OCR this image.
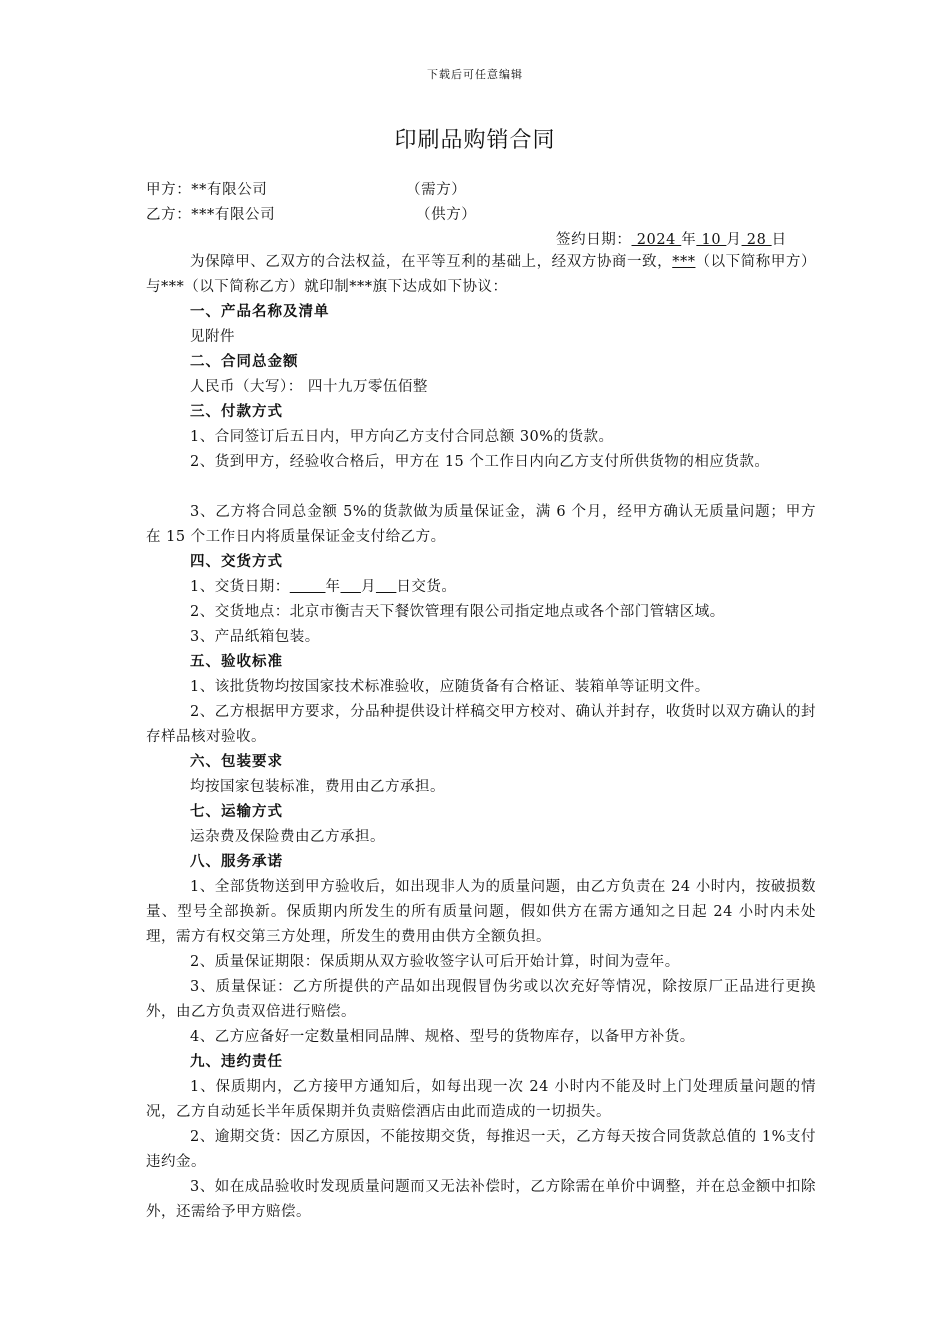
下载后可任意编辑
印刷品购销合同
甲方：**有限公司	（需方）
乙方：***有限公司	（供方）
签约日期： 2024 年 10 月 28 日
为保障甲、乙双方的合法权益，在平等互利的基础上，经双方协商一致，***（以下简称甲方）与***（以下简称乙方）就印制***旗下达成如下协议：
一、产品名称及清单
见附件
二、合同总金额
人民币（大写）： 四十九万零伍佰整
三、付款方式
1、合同签订后五日内，甲方向乙方支付合同总额 30%的货款。
2、货到甲方，经验收合格后，甲方在 15 个工作日内向乙方支付所供货物的相应货款。
3、乙方将合同总金额 5%的货款做为质量保证金，满 6 个月，经甲方确认无质量问题；甲方在 15 个工作日内将质量保证金支付给乙方。
四、交货方式
1、交货日期： 年 月 日交货。
2、交货地点：北京市衡吉天下餐饮管理有限公司指定地点或各个部门管辖区域。
3、产品纸箱包装。
五、验收标准
1、该批货物均按国家技术标准验收，应随货备有合格证、装箱单等证明文件。
2、乙方根据甲方要求，分品种提供设计样稿交甲方校对、确认并封存，收货时以双方确认的封存样品核对验收。
六、包装要求
均按国家包装标准，费用由乙方承担。
七、运输方式
运杂费及保险费由乙方承担。
八、服务承诺
1、全部货物送到甲方验收后，如出现非人为的质量问题，由乙方负责在 24 小时内，按破损数量、型号全部换新。保质期内所发生的所有质量问题，假如供方在需方通知之日起 24 小时内未处理，需方有权交第三方处理，所发生的费用由供方全额负担。
2、质量保证期限：保质期从双方验收签字认可后开始计算，时间为壹年。
3、质量保证：乙方所提供的产品如出现假冒伪劣或以次充好等情况，除按原厂正品进行更换外，由乙方负责双倍进行赔偿。
4、乙方应备好一定数量相同品牌、规格、型号的货物库存，以备甲方补货。
九、违约责任
1、保质期内，乙方接甲方通知后，如每出现一次 24 小时内不能及时上门处理质量问题的情况，乙方自动延长半年质保期并负责赔偿酒店由此而造成的一切损失。
2、逾期交货：因乙方原因，不能按期交货，每推迟一天，乙方每天按合同货款总值的 1%支付违约金。
3、如在成品验收时发现质量问题而又无法补偿时，乙方除需在单价中调整，并在总金额中扣除外，还需给予甲方赔偿。
